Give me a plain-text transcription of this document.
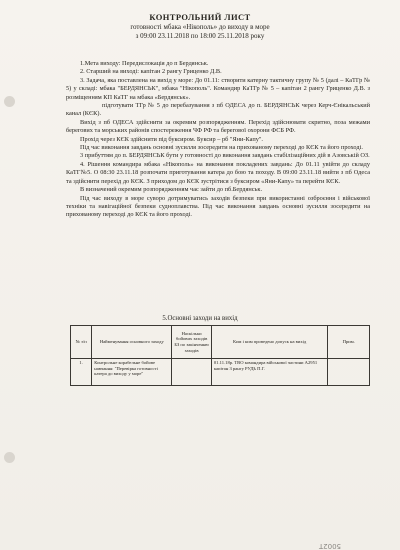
КОНТРОЛЬНИЙ ЛИСТ
готовності мбака «Нікополь» до виходу в море
з 09:00 23.11.2018 по 18:00 25.11.2018 року

1.Мета виходу: Передислокація до п Бердянськ.

2. Старший на виході: капітан 2 рангу Гриценко Д.В.

3. Задача, яка поставлена на вихід у море: До 01.11: створити катерну тактичну групу № 5 (далі – КаТГр № 5) у складі: мбака "БЕРДЯНСЬК", мбака "Нікополь". Командир КаТГр № 5 – капітан 2 рангу Гриценко Д.В. з розміщенням КП КаТГ на мбака «Бердянськ».

підготувати ТГр № 5 до перебазування з пб ОДЕСА до п. БЕРДЯНСЬК через Керч-Єнікальський канал (КЄК).

Вихід з пб ОДЕСА здійснити за окремим розпорядженням. Перехід здійснювати скритно, поза межами берегових та морських районів спостереження ЧФ РФ та берегової охорони ФСБ РФ.

Прохід через КЄК здійснити під буксиром. Буксир – рб "Яни-Капу".

Під час виконання завдань основні зусилля зосередити на прихованому переході до КЄК та його проході.

3 прибуттям до п. БЕРДЯНСЬК бути у готовності до виконання завдань стабілізаційних дій в Азовській ОЗ.

4. Рішення командира мбака «Нікополь» на виконання покладених завдань: До 01.11 увійти до складу КаТГ№5. О 08:30 23.11.18 розпочати приготування катера до бою та походу. В 09:00 23.11.18 вийти з пб Одеса та здійснити перехід до КЄК. З приходом до КЄК зустрітися з буксиром «Яни-Капу» та перейти КЄК.

В визначений окремим розпорядженням час зайти до пб.Бердянськ.

Під час виходу в море суворо дотримуватись заходів безпеки при використанні озброєння і військової техніки та навігаційної безпеки судноплавства. Під час виконання завдань основні зусилля зосередити на прихованому переході до КЄК та його проході.

5.Основні заходи на вихід
№ з/п	Найменування основного заходу	Наскільки бойових заходів БЗ по закінченню заходів	Ким і ким проведено допуск на вихід	Прим.
1.	Контрольне корабельне бойове навчання: "Перевірка готовності катера до виходу у море"		01.11.18р. ТВО командира військової частини А2951 капітан 3 рангу РУДЬ П.Г.	
5002Т
